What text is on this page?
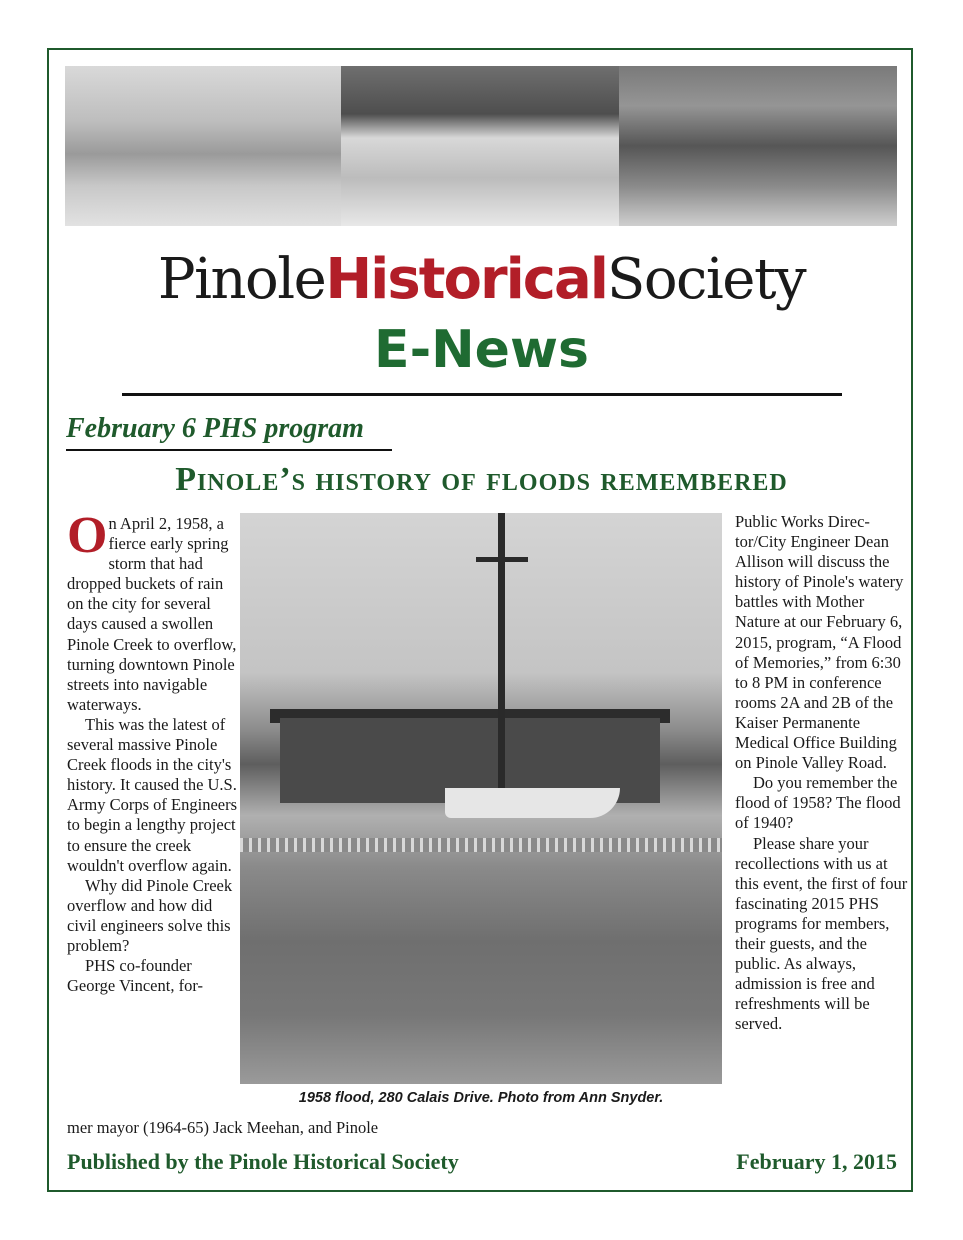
PinoleHistoricalSociety
E-News
February 6 PHS program
Pinole’s history of floods remembered

On April 2, 1958, a fierce early spring storm that had dropped buckets of rain on the city for several days caused a swollen Pinole Creek to overflow, turning downtown Pinole streets into navigable waterways.

This was the latest of several massive Pinole Creek floods in the city's history. It caused the U.S. Army Corps of Engineers to begin a lengthy project to ensure the creek wouldn't overflow again.

Why did Pinole Creek overflow and how did civil engineers solve this problem?

PHS co-founder George Vincent, for-

mer mayor (1964-65) Jack Meehan, and Pinole
1958 flood, 280 Calais Drive. Photo from Ann Snyder.

Public Works Direc-tor/City Engineer Dean Allison will discuss the history of Pinole's watery battles with Mother Nature at our February 6, 2015, program, “A Flood of Memories,” from 6:30 to 8 PM in conference rooms 2A and 2B of the Kaiser Permanente Medical Office Building on Pinole Valley Road.

Do you remember the flood of 1958? The flood of 1940?

Please share your recollections with us at this event, the first of four fascinating 2015 PHS programs for members, their guests, and the public. As always, admission is free and refreshments will be served.

Published by the Pinole Historical Society	February 1, 2015
